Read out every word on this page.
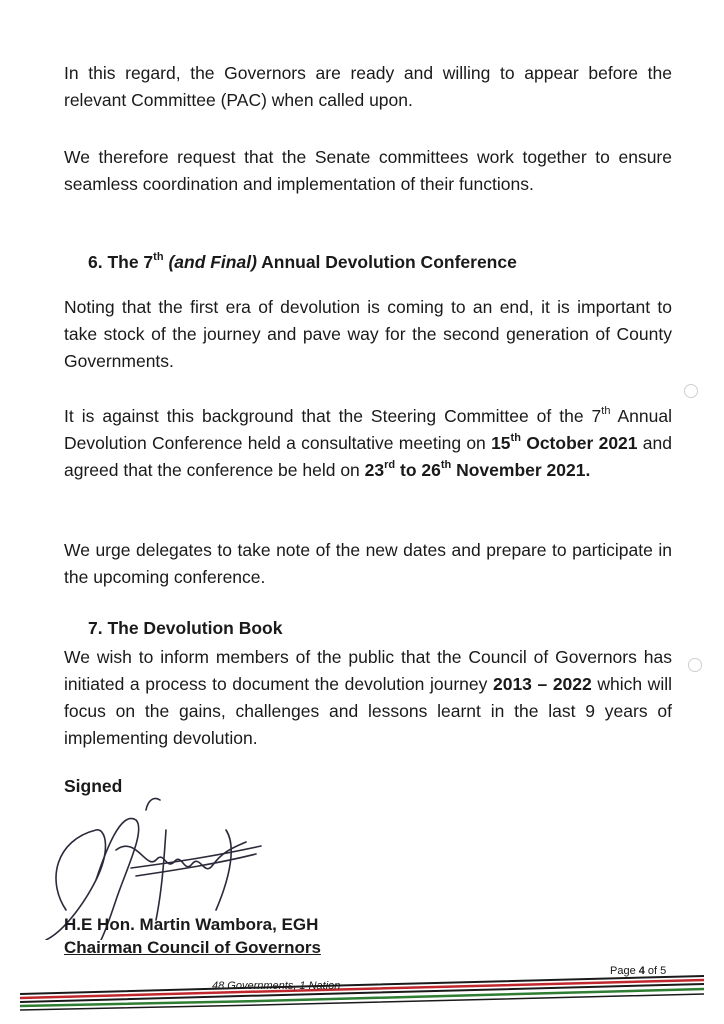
In this regard, the Governors are ready and willing to appear before the relevant Committee (PAC) when called upon.

We therefore request that the Senate committees work together to ensure seamless coordination and implementation of their functions.

6. The 7th (and Final) Annual Devolution Conference

Noting that the first era of devolution is coming to an end, it is important to take stock of the journey and pave way for the second generation of County Governments.

It is against this background that the Steering Committee of the 7th Annual Devolution Conference held a consultative meeting on 15th October 2021 and agreed that the conference be held on 23rd to 26th November 2021.

We urge delegates to take note of the new dates and prepare to participate in the upcoming conference.

7. The Devolution Book

We wish to inform members of the public that the Council of Governors has initiated a process to document the devolution journey 2013 – 2022 which will focus on the gains, challenges and lessons learnt in the last 9 years of implementing devolution.

Signed
H.E Hon. Martin Wambora, EGH
Chairman Council of Governors
Page 4 of 5
48 Governments, 1 Nation
